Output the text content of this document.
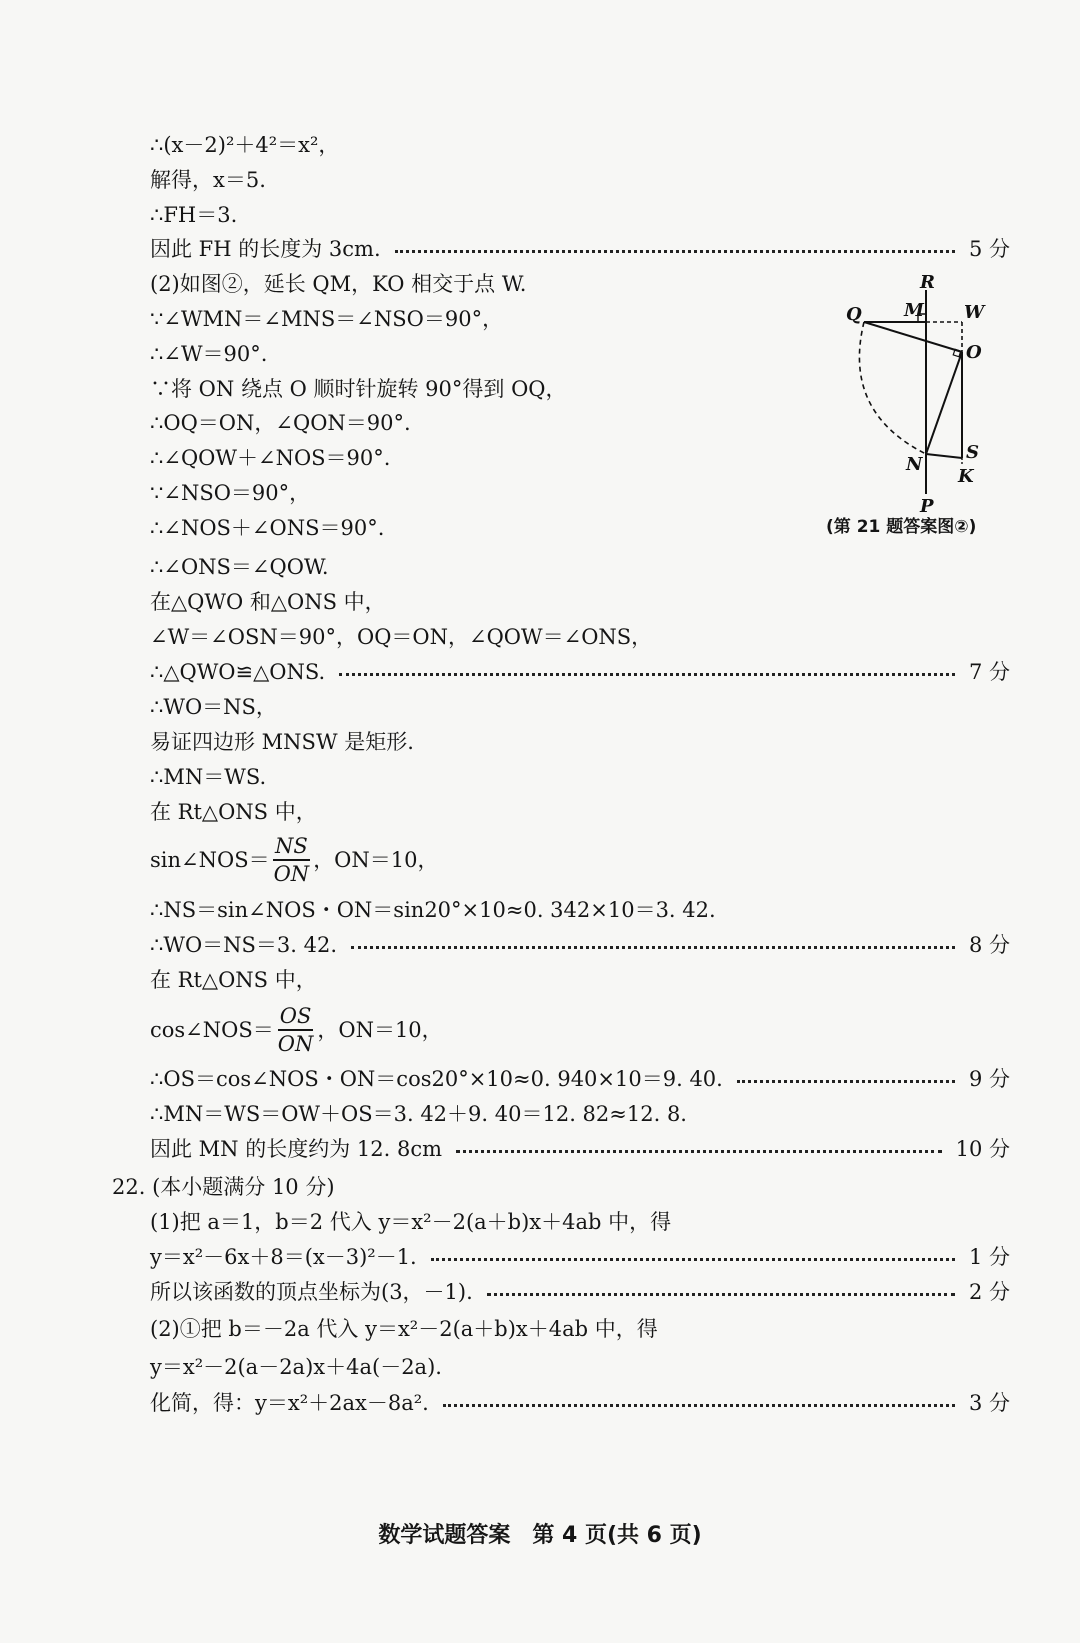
∴(x－2)²＋4²＝x²，
解得，x＝5.
∴FH＝3.
因此 FH 的长度为 3cm.	5 分
(2)如图②，延长 QM，KO 相交于点 W.
∵∠WMN＝∠MNS＝∠NSO＝90°，
∴∠W＝90°.
∵将 ON 绕点 O 顺时针旋转 90°得到 OQ，
∴OQ＝ON，∠QON＝90°.
∴∠QOW＋∠NOS＝90°.
∵∠NSO＝90°，
∴∠NOS＋∠ONS＝90°.
∴∠ONS＝∠QOW.
在△QWO 和△ONS 中，
∠W＝∠OSN＝90°，OQ＝ON，∠QOW＝∠ONS，
∴△QWO≌△ONS.	7 分
∴WO＝NS，
易证四边形 MNSW 是矩形.
∴MN＝WS.
在 Rt△ONS 中，
sin∠NOS＝ $\frac{NS}{ON}$ ，ON＝10，
∴NS＝sin∠NOS・ON＝sin20°×10≈0. 342×10＝3. 42.
∴WO＝NS＝3. 42.	8 分
在 Rt△ONS 中，
cos∠NOS＝ $\frac{OS}{ON}$ ，ON＝10，
∴OS＝cos∠NOS・ON＝cos20°×10≈0. 940×10＝9. 40.	9 分
∴MN＝WS＝OW＋OS＝3. 42＋9. 40＝12. 82≈12. 8.
因此 MN 的长度约为 12. 8cm	10 分
22. (本小题满分 10 分)
(1)把 a＝1，b＝2 代入 y＝x²－2(a＋b)x＋4ab 中，得
y＝x²－6x＋8＝(x－3)²－1.	1 分
所以该函数的顶点坐标为(3，－1).	2 分
(2)①把 b＝－2a 代入 y＝x²－2(a＋b)x＋4ab 中，得
y＝x²－2(a－2a)x＋4a(－2a).
化简，得：y＝x²＋2ax－8a².	3 分
R
Q M W
O
S
N
K
P
(第 21 题答案图②)
数学试题答案　第 4 页(共 6 页)
